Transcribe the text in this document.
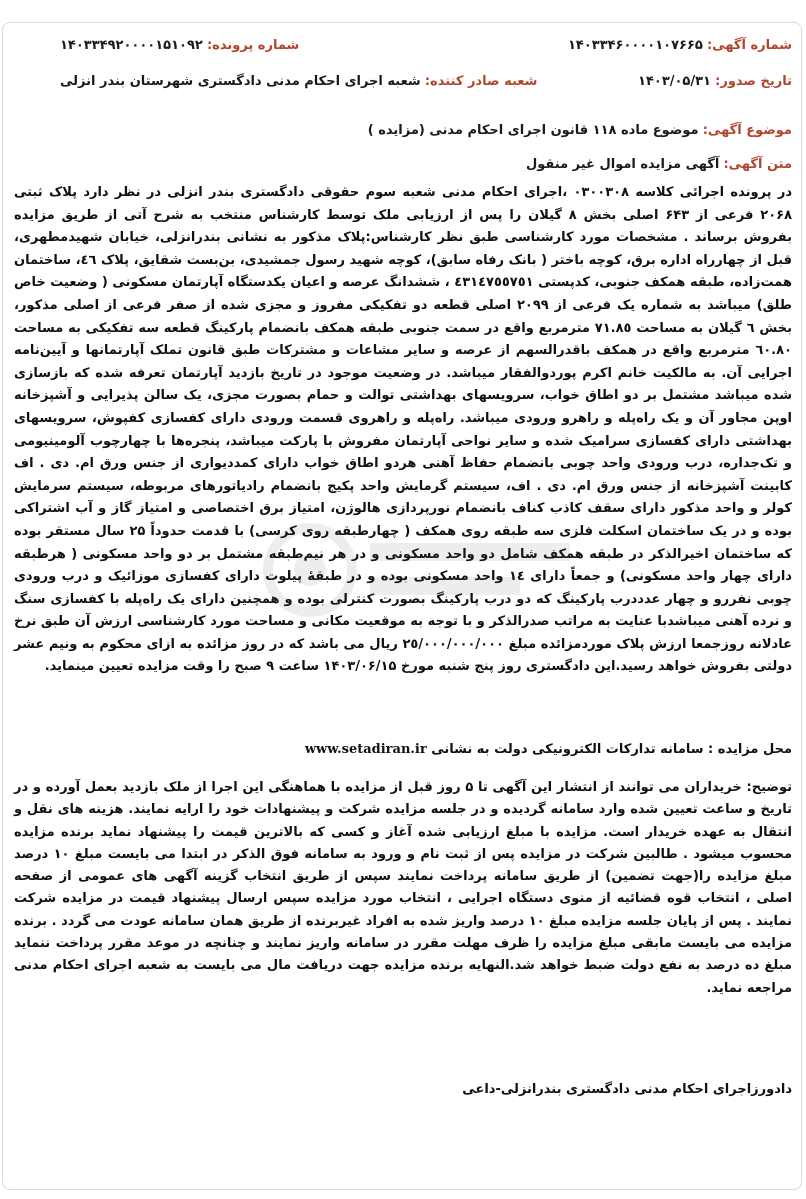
شماره آگهی: ۱۴۰۳۳۴۶۰۰۰۰۱۰۷۶۶۵
شماره پرونده: ۱۴۰۳۳۴۹۲۰۰۰۰۱۵۱۰۹۲
تاریخ صدور: ۱۴۰۳/۰۵/۳۱
شعبه صادر کننده: شعبه اجرای احکام مدنی دادگستری شهرستان بندر انزلی
موضوع آگهی: موضوع ماده ۱۱۸ قانون اجرای احکام مدنی (مزایده )
متن آگهی: آگهی مزایده اموال غیر منقول
در پرونده اجرائی کلاسه ۰۳۰۰۳۰۸ ،اجرای احکام مدنی شعبه سوم حقوقی دادگستری بندر انزلی در نظر دارد پلاک ثبتی ۲۰۶۸ فرعی از ۶۴۳ اصلی بخش ۸ گیلان را پس از ارزیابی ملک توسط کارشناس منتخب به شرح آتی از طریق مزایده بفروش برساند . مشخصات مورد کارشناسی طبق نظر کارشناس:پلاک مذکور به نشانی بندرانزلی، خیابان شهیدمطهری، قبل از چهارراه اداره برق، کوچه باختر ( بانک رفاه سابق)، کوچه شهید رسول جمشیدی، بن‌بست شقایق، پلاک ٤٦، ساختمان همت‌زاده، طبقه همکف جنوبی، کدپستی ٤٣١٤٧٥٥٧٥١ ، ششدانگ عرصه و اعیان یکدستگاه آپارتمان مسکونی ( وضعیت خاص طلق) میباشد به شماره یک فرعی از ۲۰۹۹ اصلی قطعه دو تفکیکی مفروز و مجزی شده از صفر فرعی از اصلی مذکور، بخش ٦ گیلان به مساحت ٧١.٨٥ مترمربع واقع در سمت جنوبی طبقه همکف بانضمام پارکینگ قطعه سه تفکیکی به مساحت ٦٠.٨٠ مترمربع واقع در همکف باقدرالسهم از عرصه و سایر مشاعات و مشترکات طبق قانون تملک آپارتمانها و آیین‌نامه اجرایی آن. به مالکیت خانم اکرم پوردوالفقار میباشد. در وضعیت موجود در تاریخ بازدید آپارتمان تعرفه شده که بازسازی شده میباشد مشتمل بر دو اطاق خواب، سرویسهای بهداشتی توالت و حمام بصورت مجزی، یک سالن پذیرایی و آشپزخانه اوپن مجاور آن و یک راه‌پله و راهرو ورودی میباشد. راه‌پله و راهروی قسمت ورودی دارای کفسازی کفپوش، سرویسهای بهداشتی دارای کفسازی سرامیک شده و سایر نواحی آپارتمان مفروش با پارکت میباشد، پنجره‌ها با چهارچوب آلومینیومی و تک‌جداره، درب ورودی واحد چوبی بانضمام حفاظ آهنی هردو اطاق خواب دارای کمددیواری از جنس ورق ام. دی . اف کابینت آشپزخانه از جنس ورق ام. دی . اف، سیستم گرمایش واحد پکیج بانضمام رادیاتورهای مربوطه، سیستم سرمایش کولر و واحد مذکور دارای سقف کاذب کناف بانضمام نورپردازی هالوژن، امتیاز برق اختصاصی و امتیاز گاز و آب اشتراکی بوده و در یک ساختمان اسکلت فلزی سه طبقه روی همکف ( چهارطبقه روی کرسی) با قدمت حدوداً ۲۵ سال مستقر بوده که ساختمان اخیرالذکر در طبقه همکف شامل دو واحد مسکونی و در هر نیم‌طبقه مشتمل بر دو واحد مسکونی ( هرطبقه دارای چهار واحد مسکونی) و جمعاً دارای ١٤ واحد مسکونی بوده و در طبقهٔ پیلوت دارای کفسازی موزائیک و درب ورودی چوبی نفررو و چهار عدددرب پارکینگ که دو درب پارکینگ بصورت کنترلی بوده و همچنین دارای یک راه‌پله با کفسازی سنگ و نرده آهنی میباشدبا عنایت به مراتب صدرالذکر و با توجه به موقعیت مکانی و مساحت مورد کارشناسی ارزش آن طبق نرخ عادلانه روزجمعا ارزش پلاک موردمزائده مبلغ ٢٥/٠٠٠/٠٠٠/٠٠٠ ریال می باشد که در روز مزائده به ازای محکوم به ونیم عشر دولتی بفروش خواهد رسید.این دادگستری روز پنج شنبه مورخ ۱۴۰۳/۰۶/۱۵ ساعت ۹ صبح را وقت مزایده تعیین مینماید.
محل مزایده : سامانه تدارکات الکترونیکی دولت به نشانی www.setadiran.ir
توضیح: خریداران می توانند از انتشار این آگهی تا ۵ روز قبل از مزایده با هماهنگی این اجرا از ملک بازدید بعمل آورده و در تاریخ و ساعت تعیین شده وارد سامانه گردیده و در جلسه مزایده شرکت و پیشنهادات خود را ارایه نمایند. هزینه های نقل و انتقال به عهده خریدار است. مزایده با مبلغ ارزیابی شده آغاز و کسی که بالاترین قیمت را پیشنهاد نماید برنده مزایده محسوب میشود . طالبین شرکت در مزایده پس از ثبت نام و ورود به سامانه فوق الذکر در ابتدا می بایست مبلغ ۱۰ درصد مبلغ مزایده را(جهت تضمین) از طریق سامانه پرداخت نمایند سپس از طریق انتخاب گزینه آگهی های عمومی از صفحه اصلی ، انتخاب قوه قضائیه از منوی دستگاه اجرایی ، انتخاب مورد مزایده سپس ارسال پیشنهاد قیمت در مزایده شرکت نمایند . پس از پایان جلسه مزایده مبلغ ۱۰ درصد واریز شده به افراد غیربرنده از طریق همان سامانه عودت می گردد . برنده مزایده می بایست مابقی مبلغ مزایده را ظرف مهلت مقرر در سامانه واریز نمایند و چنانچه در موعد مقرر پرداخت ننماید مبلغ ده درصد به نفع دولت ضبط خواهد شد.النهایه برنده مزایده جهت دریافت مال می بایست به شعبه اجرای احکام مدنی مراجعه نماید.
دادورزاجرای احکام مدنی دادگستری بندرانزلی-داعی
